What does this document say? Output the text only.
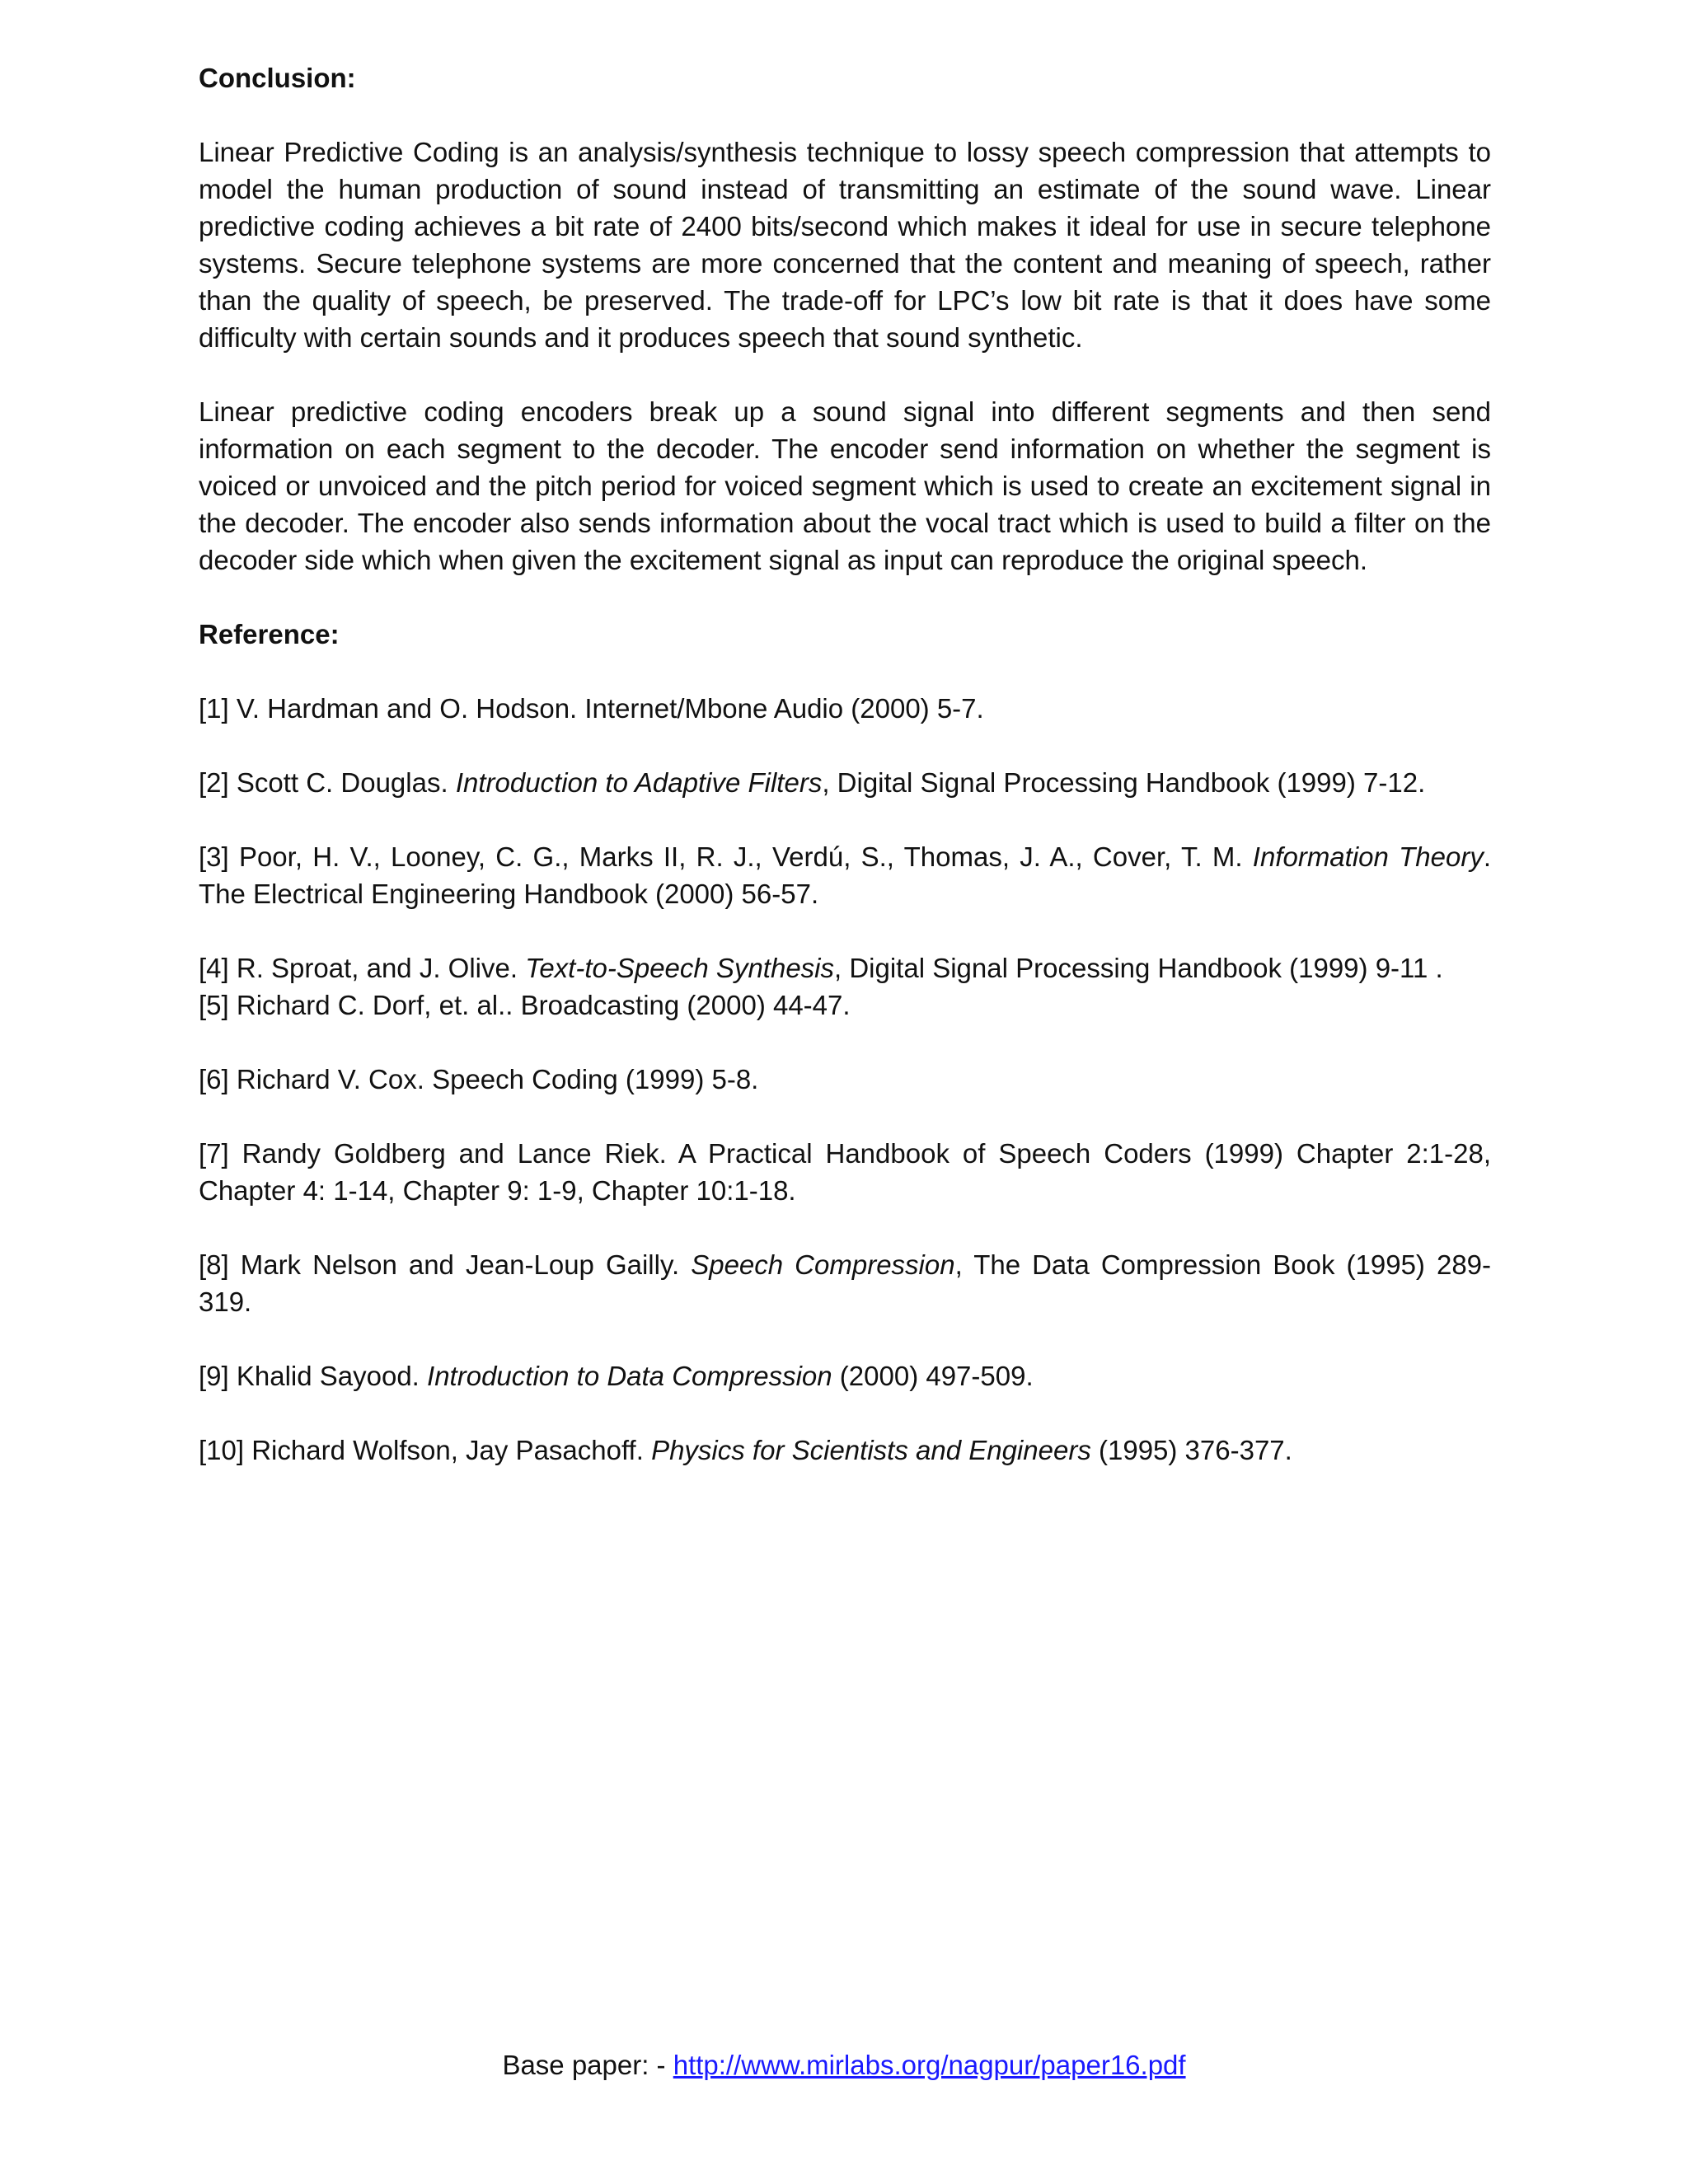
Conclusion:

Linear Predictive Coding is an analysis/synthesis technique to lossy speech compression that attempts to model the human production of sound instead of transmitting an estimate of the sound wave. Linear predictive coding achieves a bit rate of 2400 bits/second which makes it ideal for use in secure telephone systems. Secure telephone systems are more concerned that the content and meaning of speech, rather than the quality of speech, be preserved. The trade-off for LPC’s low bit rate is that it does have some difficulty with certain sounds and it produces speech that sound synthetic.

Linear predictive coding encoders break up a sound signal into different segments and then send information on each segment to the decoder. The encoder send information on whether the segment is voiced or unvoiced and the pitch period for voiced segment which is used to create an excitement signal in the decoder. The encoder also sends information about the vocal tract which is used to build a filter on the decoder side which when given the excitement signal as input can reproduce the original speech.

Reference:

[1] V. Hardman and O. Hodson. Internet/Mbone Audio (2000) 5-7.

[2] Scott C. Douglas. Introduction to Adaptive Filters, Digital Signal Processing Handbook (1999) 7-12.

[3] Poor, H. V., Looney, C. G., Marks II, R. J., Verdú, S., Thomas, J. A., Cover, T. M. Information Theory. The Electrical Engineering Handbook (2000) 56-57.

[4] R. Sproat, and J. Olive. Text-to-Speech Synthesis, Digital Signal Processing Handbook (1999) 9-11 .

[5] Richard C. Dorf, et. al.. Broadcasting (2000) 44-47.

[6] Richard V. Cox. Speech Coding (1999) 5-8.

[7] Randy Goldberg and Lance Riek. A Practical Handbook of Speech Coders (1999) Chapter 2:1-28, Chapter 4: 1-14, Chapter 9: 1-9, Chapter 10:1-18.

[8] Mark Nelson and Jean-Loup Gailly. Speech Compression, The Data Compression Book (1995) 289-319.

[9] Khalid Sayood. Introduction to Data Compression (2000) 497-509.

[10] Richard Wolfson, Jay Pasachoff. Physics for Scientists and Engineers (1995) 376-377.

Base paper: - http://www.mirlabs.org/nagpur/paper16.pdf
